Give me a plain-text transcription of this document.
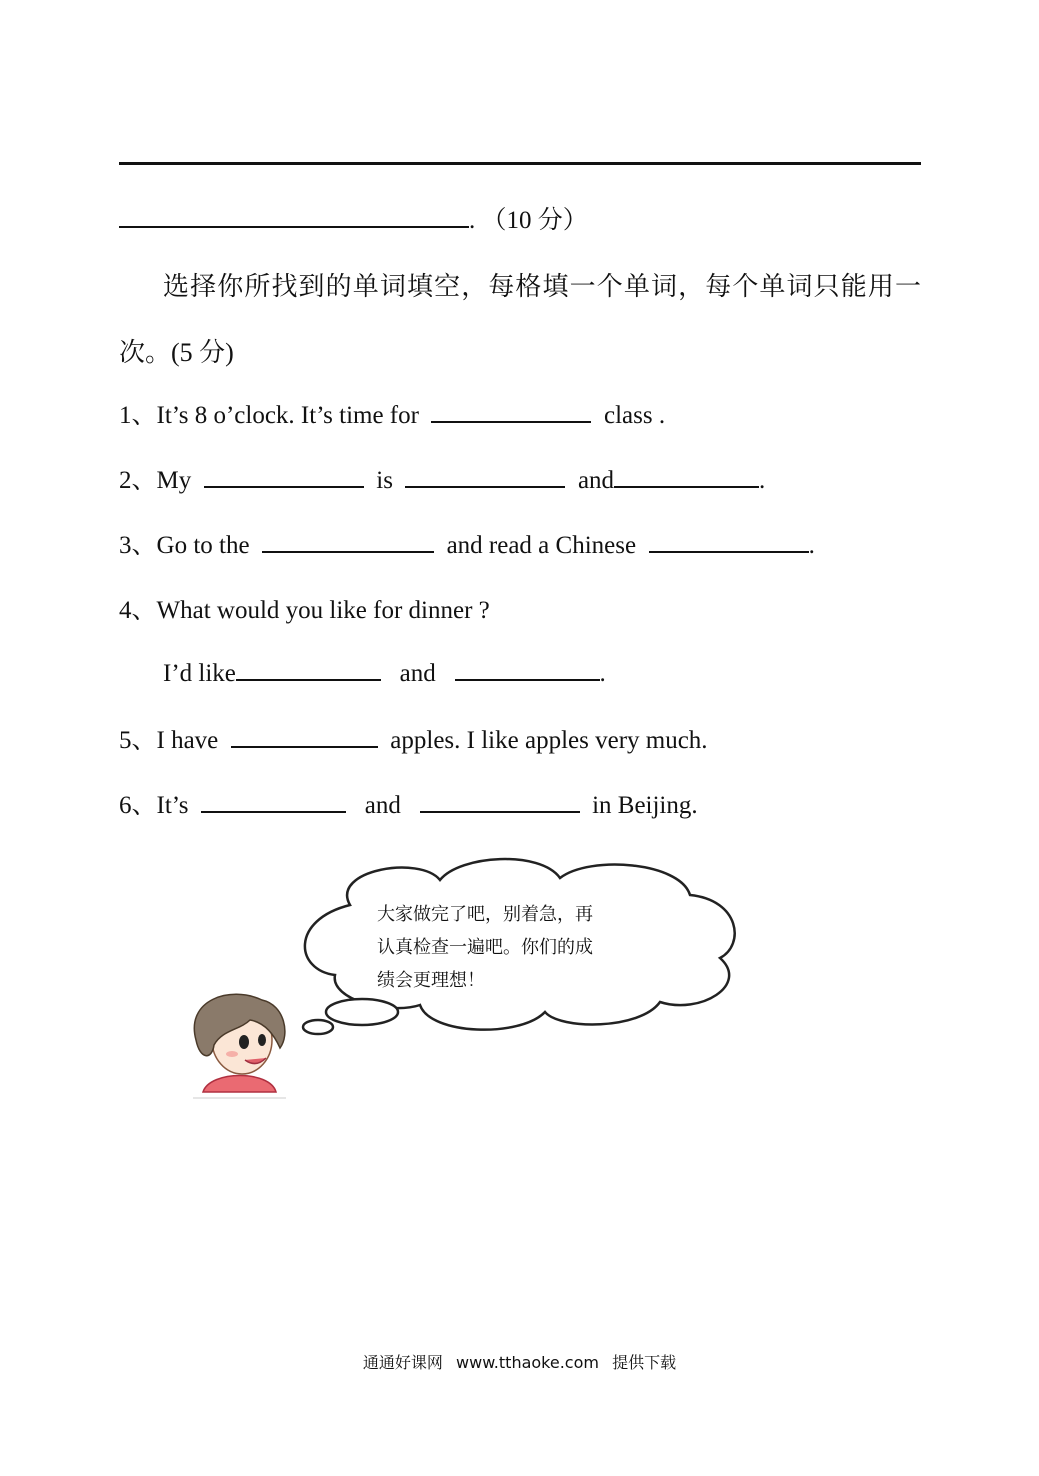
. （10 分）
选择你所找到的单词填空，每格填一个单词，每个单词只能用一次。(5 分)
1、It’s 8 o’clock. It’s time for	class .
2、My	is	and	.
3、Go to the	and read a Chinese	.
4、What would you like for dinner ?
I’d like	and	.
5、I have	apples. I like apples very much.
6、It’s	and	in Beijing.
大家做完了吧，别着急，再
认真检查一遍吧。你们的成
绩会更理想！
通通好课网 www.tthaoke.com 提供下载
